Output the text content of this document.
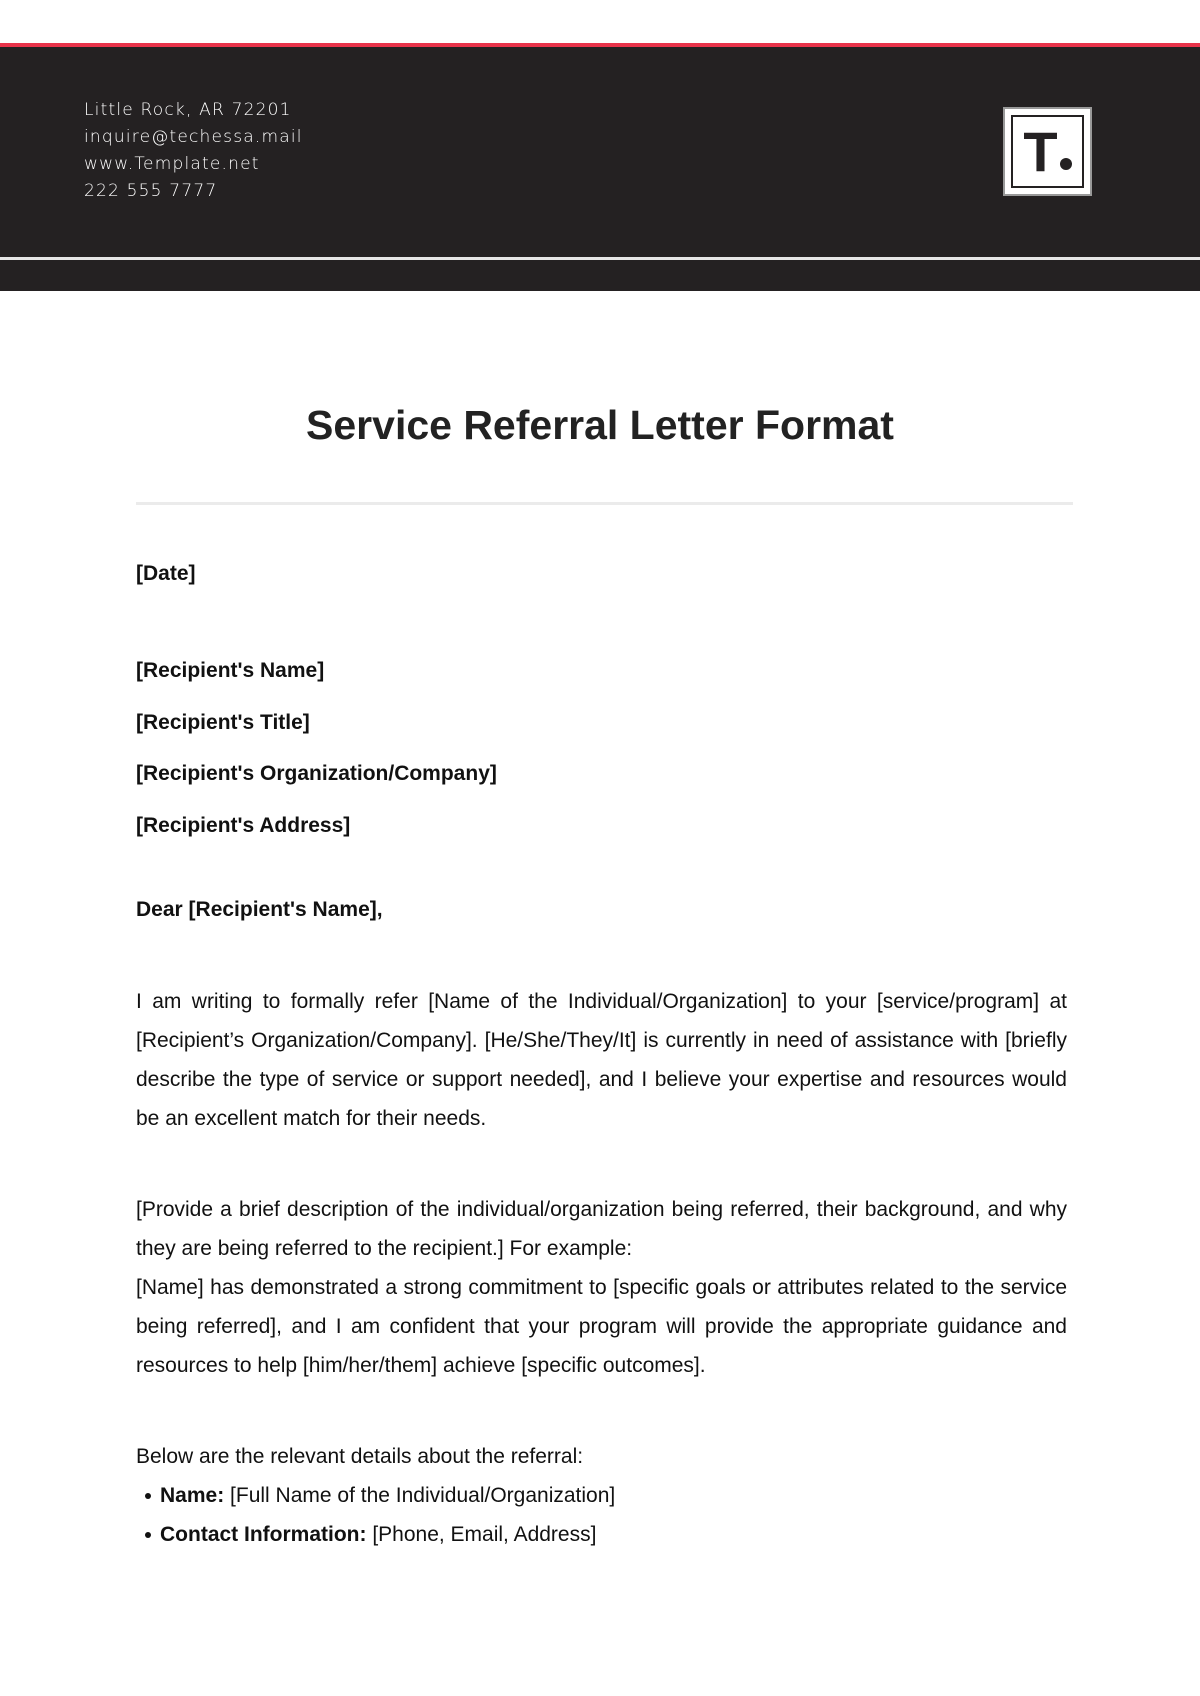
Little Rock, AR 72201
inquire@techessa.mail
www.Template.net
222 555 7777
T
Service Referral Letter Format
[Date]
[Recipient's Name]
[Recipient's Title]
[Recipient's Organization/Company]
[Recipient's Address]
Dear [Recipient's Name],

I am writing to formally refer [Name of the Individual/Organization] to your [service/program] at [Recipient’s Organization/Company]. [He/She/They/It] is currently in need of assistance with [briefly describe the type of service or support needed], and I believe your expertise and resources would be an excellent match for their needs.

[Provide a brief description of the individual/organization being referred, their background, and why they are being referred to the recipient.] For example:

[Name] has demonstrated a strong commitment to [specific goals or attributes related to the service being referred], and I am confident that your program will provide the appropriate guidance and resources to help [him/her/them] achieve [specific outcomes].

Below are the relevant details about the referral:

Name: [Full Name of the Individual/Organization]
Contact Information: [Phone, Email, Address]
